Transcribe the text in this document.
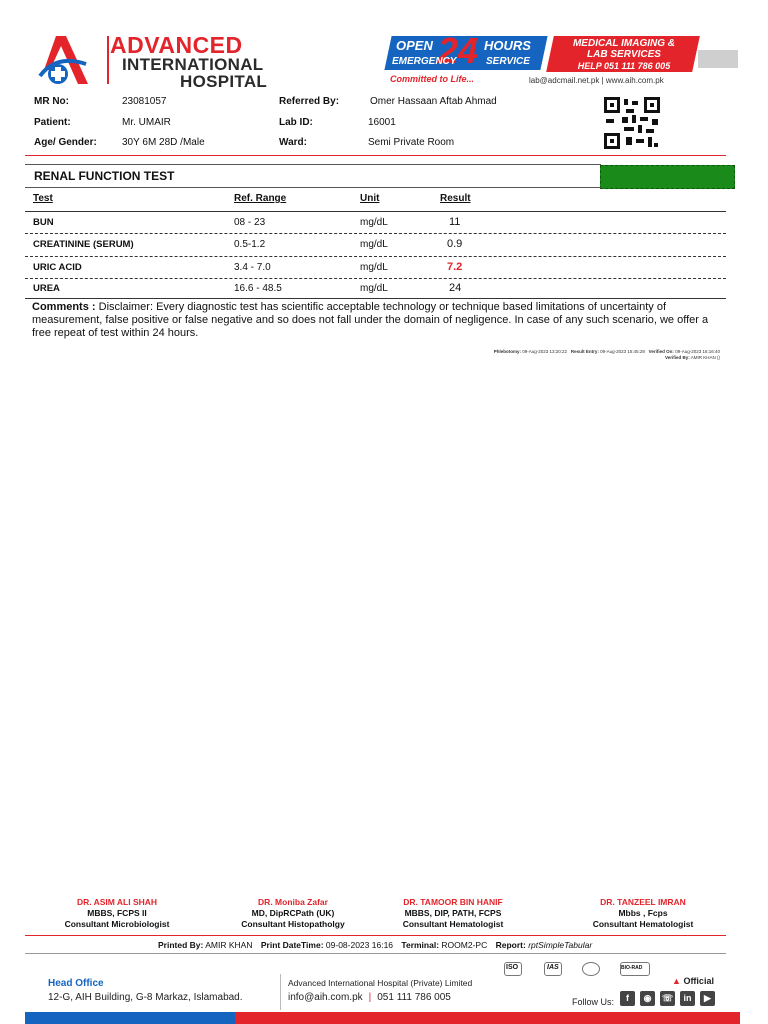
ADVANCED
INTERNATIONAL
HOSPITAL
OPEN 24 HOURS
EMERGENCY	SERVICE
Committed to Life...
MEDICAL IMAGING &
LAB SERVICES
HELP 051 111 786 005
lab@adcmail.net.pk | www.aih.com.pk
MR No:	23081057	Referred By:	Omer Hassaan Aftab Ahmad
Patient:	Mr. UMAIR	Lab ID:	16001
Age/ Gender:	30Y 6M 28D /Male	Ward:	Semi Private Room
RENAL FUNCTION TEST
Test	Ref. Range	Unit	Result
BUN	08 - 23	mg/dL	11
CREATININE (SERUM)	0.5-1.2	mg/dL	0.9
URIC ACID	3.4 - 7.0	mg/dL	7.2
UREA	16.6 - 48.5	mg/dL	24
Comments : Disclaimer: Every diagnostic test has scientific acceptable technology or technique based limitations of uncertainty of measurement, false positive or false negative and so does not fall under the domain of negligence. In case of any such scenario, we offer a free repeat of test within 24 hours.
Phlebotomy: 09-Aug-2023 13:20:22 Result Entry: 09-Aug-2023 15:45:28 Verified On: 09-Aug-2023 16:16:40
Verified By: AMIR KHAN ()
DR. ASIM ALI SHAH
MBBS, FCPS II
Consultant Microbiologist
DR. Moniba Zafar
MD, DipRCPath (UK)
Consultant Histopatholgy
DR. TAMOOR BIN HANIF
MBBS, DIP, PATH, FCPS
Consultant Hematologist
DR. TANZEEL IMRAN
Mbbs , Fcps
Consultant Hematologist
Printed By: AMIR KHAN Print DateTime: 09-08-2023 16:16 Terminal: ROOM2-PC Report: rptSimpleTabular
Head Office
12-G, AIH Building, G-8 Markaz, Islamabad.
Advanced International Hospital (Private) Limited
info@aih.com.pk | 051 111 786 005
ISO	IAS	BIO-RAD
▲ Official
Follow Us:	f	◉	☏	in	▶
